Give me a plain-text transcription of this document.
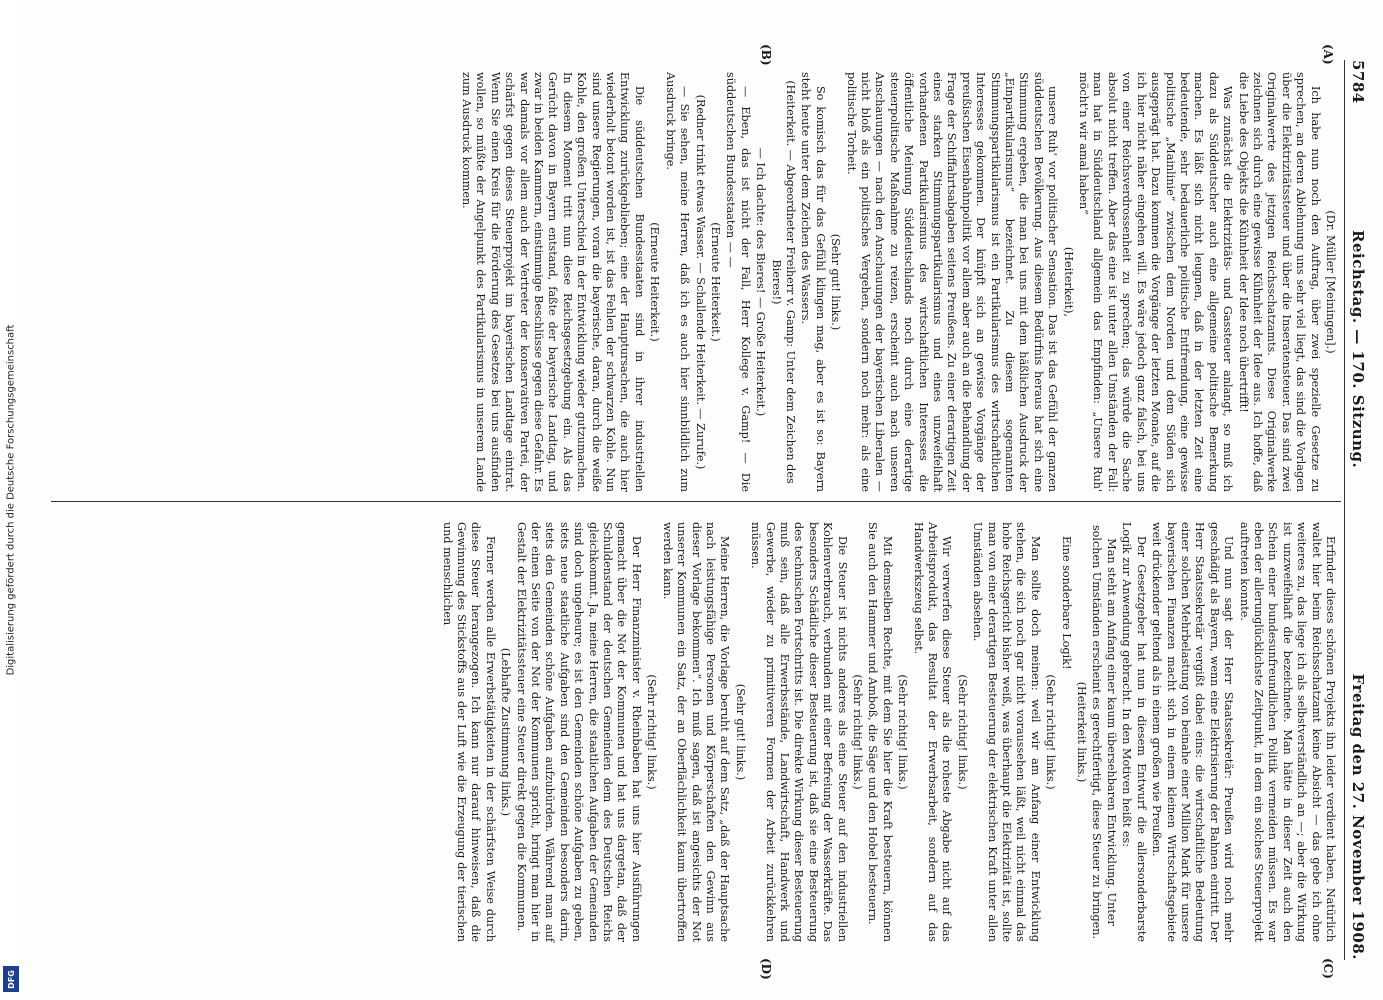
Digitalisierung gefördert durch die Deutsche Forschungsgemeinschaft
DFG
5784
Reichstag. — 170. Sitzung.
Freitag den 27. November 1908.
(A)
(B)
(C)
(D)

(Dr. Müller [Meiningen].)

Ich habe nun noch den Auftrag, über zwei spezielle Gesetze zu sprechen, an deren Ablehnung uns sehr viel liegt, das sind die Vorlagen über die Elektrizitätssteuer und über die Inseratensteuer. Das sind zwei Originalwerte des jetzigen Reichsschatzamts. Diese Originalwerke zeichnen sich durch eine gewisse Kühnheit der Idee aus. Ich hoffe, daß die Liebe des Objekts die Kühnheit der Idee noch übertrifft!

Was zunächst die Elektrizitäts- und Gassteuer anlangt, so muß ich dazu als Süddeutscher auch eine allgemeine politische Bemerkung machen. Es läßt sich nicht leugnen, daß in der letzten Zeit eine bedeutende, sehr bedauerliche politische Entfremdung, eine gewisse politische „Mainlinie“ zwischen dem Norden und dem Süden sich ausgeprägt hat. Dazu kommen die Vorgänge der letzten Monate, auf die ich hier nicht näher eingehen will. Es wäre jedoch ganz falsch, bei uns von einer Reichsverdrossenheit zu sprechen; das würde die Sache absolut nicht treffen. Aber das eine ist unter allen Umständen der Fall: man hat in Süddeutschland allgemein das Empfinden: „Unsere Ruh' möcht'n wir amal haben“

(Heiterkeit),

unsere Ruh' vor politischer Sensation. Das ist das Gefühl der ganzen süddeutschen Bevölkerung. Aus diesem Bedürfnis heraus hat sich eine Stimmung ergeben, die man bei uns mit dem häßlichen Ausdruck der „Einpartikularismus“ bezeichnet. Zu diesem sogenannten Stimmungspartikularismus ist ein Partikularismus des wirtschaftlichen Interesses gekommen. Der knüpft sich an gewisse Vorgänge der preußischen Eisenbahnpolitik vor allem aber auch an die Behandlung der Frage der Schiffahrtsabgaben seitens Preußens. Zu einer derartigen Zeit eines starken Stimmungspartikularismus und eines unzweifelhaft vorhandenen Partikularismus des wirtschaftlichen Interesses die öffentliche Meinung Süddeutschlands noch durch eine derartige steuerpolitische Maßnahme zu reizen, erscheint auch nach unseren Anschauungen — nach den Anschauungen der bayerischen Liberalen — nicht bloß als ein politisches Vergehen, sondern noch mehr: als eine politische Torheit.

(Sehr gut! links.)

So komisch das für das Gefühl klingen mag, aber es ist so: Bayern steht heute unter dem Zeichen des Wassers.

(Heiterkeit. — Abgeordneter Freiherr v. Gamp: Unter dem Zeichen des Bieres!)

— Ich dachte: des Bieres! — Große Heiterkeit.)

— Eben, das ist nicht der Fall, Herr Kollege v. Gamp! — Die süddeutschen Bundesstaaten — —

(Erneute Heiterkeit.)

(Redner trinkt etwas Wasser. — Schallende Heiterkeit. — Zurufe.)

— Sie sehen, meine Herren, daß ich es auch hier sinnbildlich zum Ausdruck bringe.

(Erneute Heiterkeit.)

Die süddeutschen Bundesstaaten sind in ihrer industriellen Entwicklung zurückgeblieben; eine der Hauptursachen, die auch hier wiederholt betont worden ist, ist das Fehlen der schwarzen Kohle. Nun sind unsere Regierungen, voran die bayerische, daran, durch die weiße Kohle, den großen Unterschied in der Entwicklung wieder gutzumachen. In diesem Moment tritt nun diese Reichsgesetzgebung ein. Als das Gerücht davon in Bayern entstand, faßte der bayerische Landtag, und zwar in beiden Kammern, einstimmige Beschlüsse gegen diese Gefahr. Es war damals vor allem auch der Vertreter der konservativen Partei, der schärfst gegen dieses Steuerprojekt im bayerischen Landtage eintrat. Wenn Sie einen Kreis für die Förderung des Gesetzes bei uns ausfinden wollen, so müßte der Angelpunkt des Partikularismus in unserem Lande zum Ausdruck kommen.

Erfinder dieses schönen Projekts ihn leider verdient haben. Natürlich waltet hier beim Reichsschatzamt keine Absicht — das gebe ich ohne weiteres zu, das liege ich als selbstverständlich an —; aber die Wirkung ist unzweifelhaft die bezeichnete. Man hätte in dieser Zeit auch den Schein einer bundesunfreundlichen Politik vermeiden müssen. Es war eben der allerunglücklichste Zeitpunkt, in dem ein solches Steuerprojekt auftreten konnte.

Und nun sagt der Herr Staatssekretär: Preußen wird noch mehr geschädigt als Bayern, wenn eine Elektrisierung der Bahnen eintritt. Der Herr Staatssekretär vergißt dabei eins: die wirtschaftliche Bedeutung einer solchen Mehrbelastung von beinahe einer Million Mark für unsere bayerischen Finanzen macht sich in einem kleinen Wirtschaftsgebiete weit drückender geltend als in einem großen wie Preußen.

Der Gesetzgeber hat nun in diesem Entwurf die allersonderbarste Logik zur Anwendung gebracht. In den Motiven heißt es:

Man steht am Anfang einer kaum übersehbaren Entwicklung. Unter solchen Umständen erscheint es gerechtfertigt, diese Steuer zu bringen.

(Heiterkeit links.)

Eine sonderbare Logik!

(Sehr richtig! links.)

Man sollte doch meinen: weil wir am Anfang einer Entwicklung stehen, die sich noch gar nicht voraussehen läßt, weil nicht einmal das hohe Reichsgericht bisher weiß, was überhaupt die Elektrizität ist, sollte man von einer derartigen Besteuerung der elektrischen Kraft unter allen Umständen absehen.

(Sehr richtig! links.)

Wir verwerfen diese Steuer als die roheste Abgabe nicht auf das Arbeitsprodukt, das Resultat der Erwerbsarbeit, sondern auf das Handwerkszeug selbst.

(Sehr richtig! links.)

Mit demselben Rechte, mit dem Sie hier die Kraft besteuern, können Sie auch den Hammer und Amboß, die Säge und den Hobel besteuern.

(Sehr richtig! links.)

Die Steuer ist nichts anderes als eine Steuer auf den industriellen Kohlenverbrauch, verbunden mit einer Befreiung der Wasserkräfte. Das besonders Schädliche dieser Besteuerung ist, daß sie eine Besteuerung des technischen Fortschritts ist. Die direkte Wirkung dieser Besteuerung muß sein, daß alle Erwerbsstände, Landwirtschaft, Handwerk und Gewerbe, wieder zu primitiveren Formen der Arbeit zurückkehren müssen.

(Sehr gut! links.)

Meine Herren, die Vorlage beruht auf dem Satz, „daß der Hauptsache nach leistungsfähige Personen und Körperschaften den Gewinn aus dieser Vorlage bekommen“. Ich muß sagen, daß ist angesichts der Not unserer Kommunen ein Satz, der an Oberflächlichkeit kaum übertroffen werden kann.

(Sehr richtig! links.)

Der Herr Finanzminister v. Rheinbaben hat uns hier Ausführungen gemacht über die Not der Kommunen und hat uns dargetan, daß der Schuldenstand der deutschen Gemeinden dem des Deutschen Reichs gleichkommt. Ja, meine Herren, die staatlichen Aufgaben der Gemeinden sind doch ungeheure; es ist den Gemeinden schöne Aufgaben zu geben, stets neue staatliche Aufgaben sind den Gemeinden besonders darin, stets den Gemeinden schöne Aufgaben aufzubürden. Während man auf der einen Seite von der Not der Kommunen spricht, bringt man hier in Gestalt der Elektrizitätssteuer eine Steuer direkt gegen die Kommunen.

(Lebhafte Zustimmung links.)

Ferner werden alle Erwerbstätigkeiten in der schärfsten Weise durch diese Steuer herangezogen. Ich kann nur darauf hinweisen, daß die Gewinnung des Stickstoffs aus der Luft wie die Erzeugung der tierischen und menschlichen
